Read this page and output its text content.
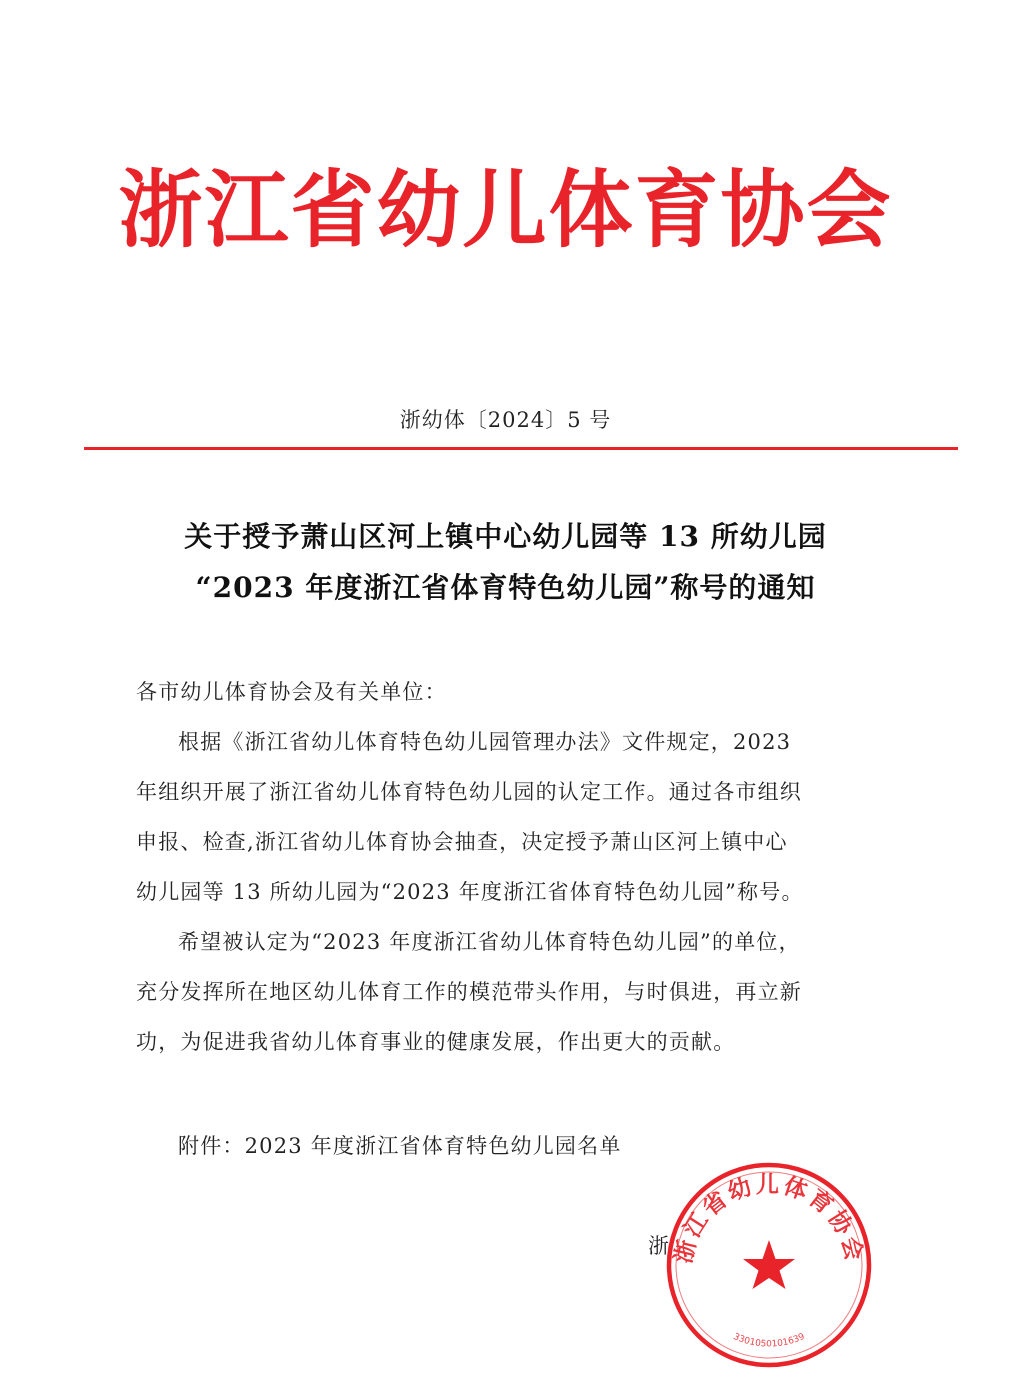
浙江省幼儿体育协会
浙幼体〔2024〕5 号
关于授予萧山区河上镇中心幼儿园等 13 所幼儿园
“2023 年度浙江省体育特色幼儿园”称号的通知
各市幼儿体育协会及有关单位：
根据《浙江省幼儿体育特色幼儿园管理办法》文件规定，2023
年组织开展了浙江省幼儿体育特色幼儿园的认定工作。通过各市组织
申报、检查,浙江省幼儿体育协会抽查，决定授予萧山区河上镇中心
幼儿园等 13 所幼儿园为“2023 年度浙江省体育特色幼儿园”称号。
希望被认定为“2023 年度浙江省幼儿体育特色幼儿园”的单位，
充分发挥所在地区幼儿体育工作的模范带头作用，与时俱进，再立新
功，为促进我省幼儿体育事业的健康发展，作出更大的贡献。
附件：2023 年度浙江省体育特色幼儿园名单
浙 浙江省幼儿体育协会
3301050101639
